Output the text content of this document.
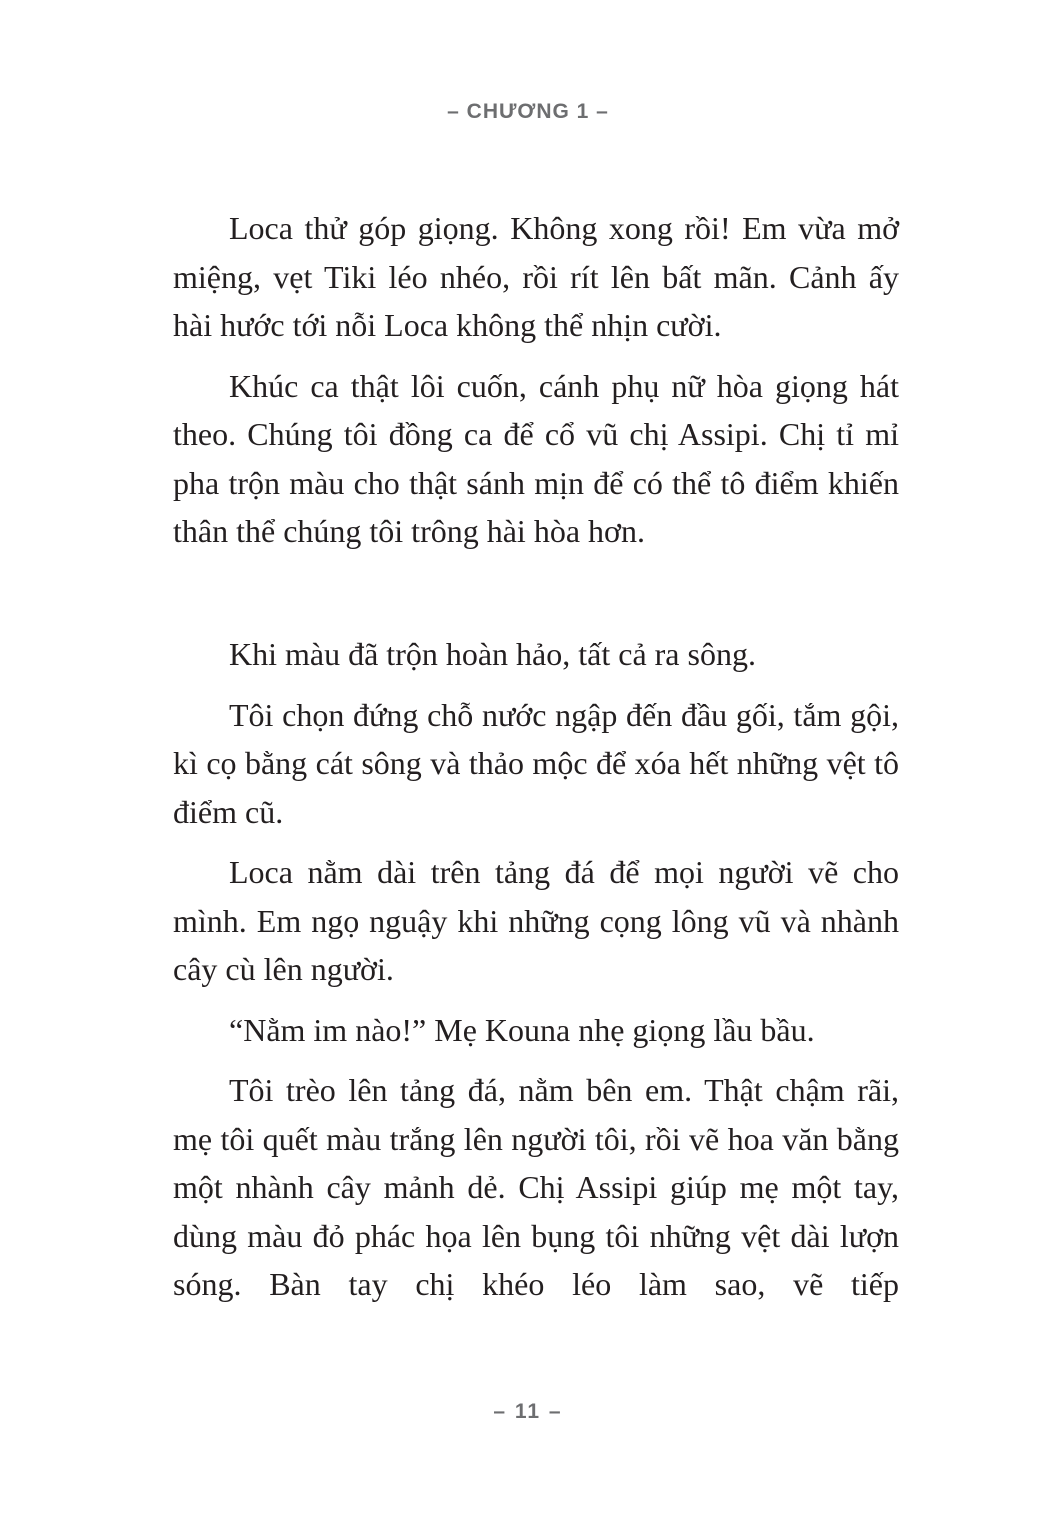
– CHƯƠNG 1 –

Loca thử góp giọng. Không xong rồi! Em vừa mở miệng, vẹt Tiki léo nhéo, rồi rít lên bất mãn. Cảnh ấy hài hước tới nỗi Loca không thể nhịn cười.

Khúc ca thật lôi cuốn, cánh phụ nữ hòa giọng hát theo. Chúng tôi đồng ca để cổ vũ chị Assipi. Chị tỉ mỉ pha trộn màu cho thật sánh mịn để có thể tô điểm khiến thân thể chúng tôi trông hài hòa hơn.

Khi màu đã trộn hoàn hảo, tất cả ra sông.

Tôi chọn đứng chỗ nước ngập đến đầu gối, tắm gội, kì cọ bằng cát sông và thảo mộc để xóa hết những vệt tô điểm cũ.

Loca nằm dài trên tảng đá để mọi người vẽ cho mình. Em ngọ nguậy khi những cọng lông vũ và nhành cây cù lên người.

“Nằm im nào!” Mẹ Kouna nhẹ giọng lầu bầu.

Tôi trèo lên tảng đá, nằm bên em. Thật chậm rãi, mẹ tôi quết màu trắng lên người tôi, rồi vẽ hoa văn bằng một nhành cây mảnh dẻ. Chị Assipi giúp mẹ một tay, dùng màu đỏ phác họa lên bụng tôi những vệt dài lượn sóng. Bàn tay chị khéo léo làm sao, vẽ tiếp

– 11 –
